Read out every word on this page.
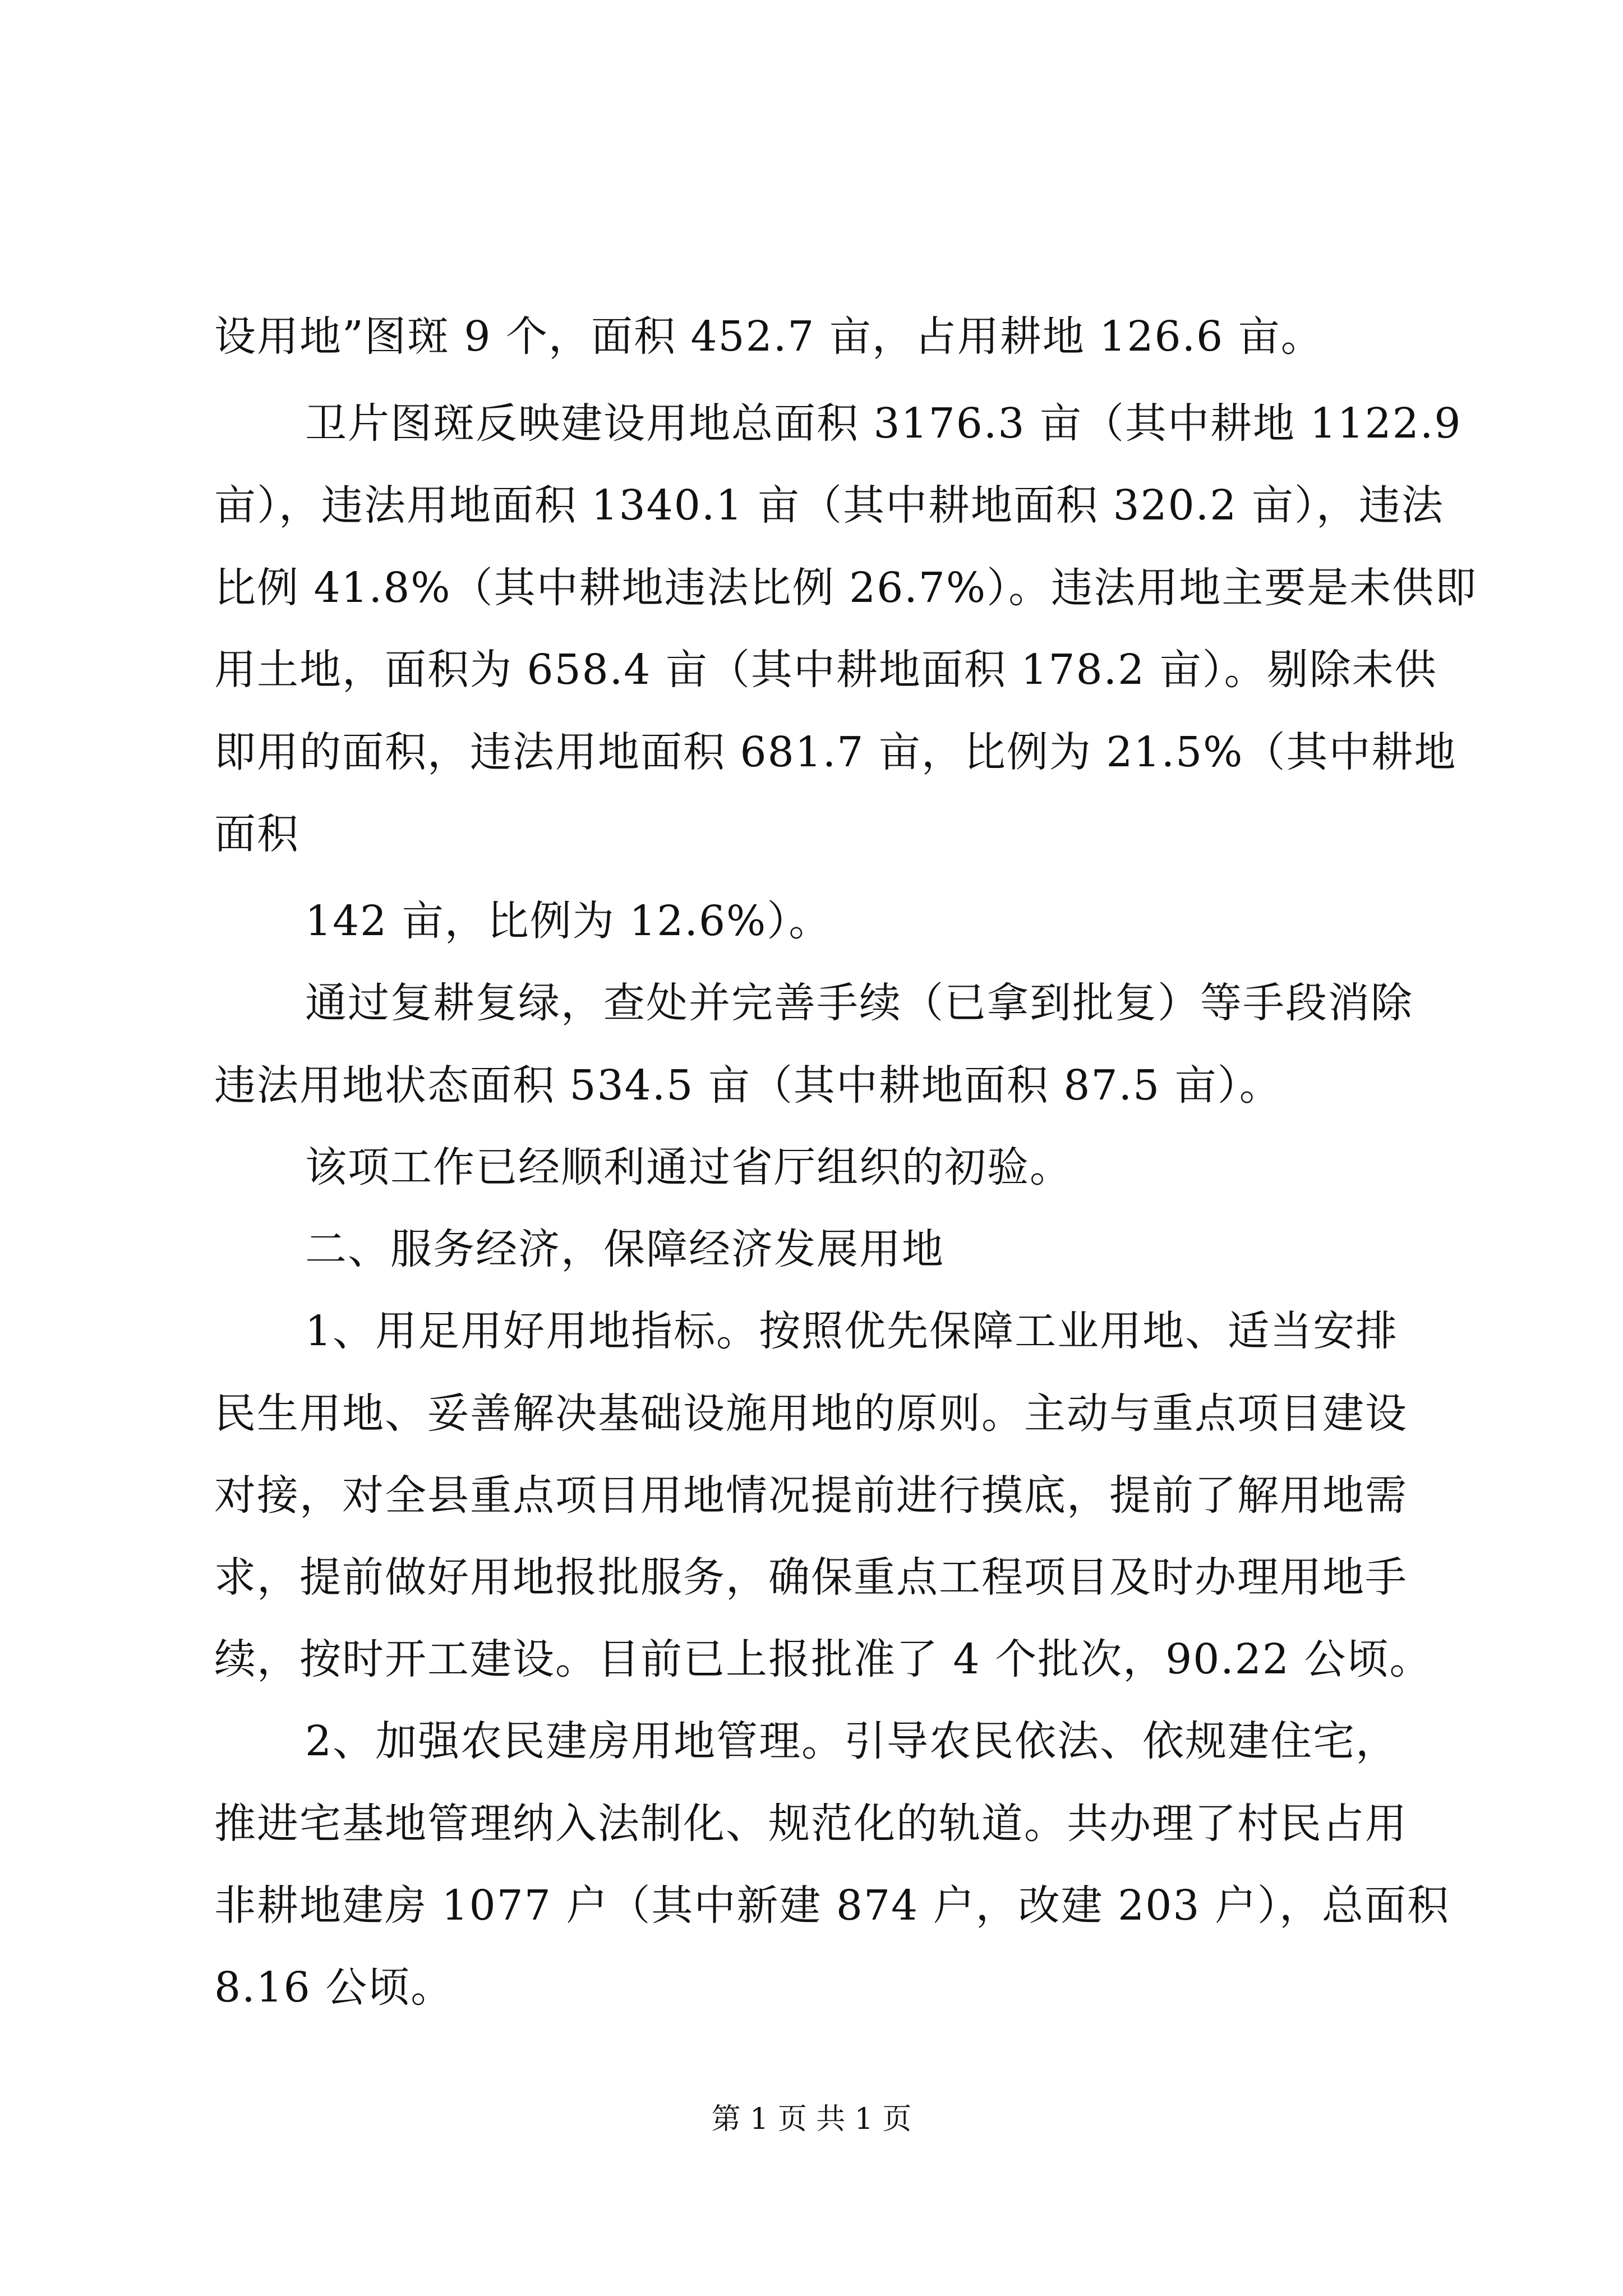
设用地”图斑 9 个，面积 452.7 亩，占用耕地 126.6 亩。
卫片图斑反映建设用地总面积 3176.3 亩（其中耕地 1122.9
亩），违法用地面积 1340.1 亩（其中耕地面积 320.2 亩），违法
比例 41.8%（其中耕地违法比例 26.7%）。违法用地主要是未供即
用土地，面积为 658.4 亩（其中耕地面积 178.2 亩）。剔除未供
即用的面积，违法用地面积 681.7 亩，比例为 21.5%（其中耕地
面积
142 亩，比例为 12.6%）。
通过复耕复绿，查处并完善手续（已拿到批复）等手段消除
违法用地状态面积 534.5 亩（其中耕地面积 87.5 亩）。
该项工作已经顺利通过省厅组织的初验。
二、服务经济，保障经济发展用地
1、用足用好用地指标。按照优先保障工业用地、适当安排
民生用地、妥善解决基础设施用地的原则。主动与重点项目建设
对接，对全县重点项目用地情况提前进行摸底，提前了解用地需
求，提前做好用地报批服务，确保重点工程项目及时办理用地手
续，按时开工建设。目前已上报批准了 4 个批次，90.22 公顷。
2、加强农民建房用地管理。引导农民依法、依规建住宅，
推进宅基地管理纳入法制化、规范化的轨道。共办理了村民占用
非耕地建房 1077 户（其中新建 874 户，改建 203 户），总面积
8.16 公顷。
第 1 页 共 1 页
